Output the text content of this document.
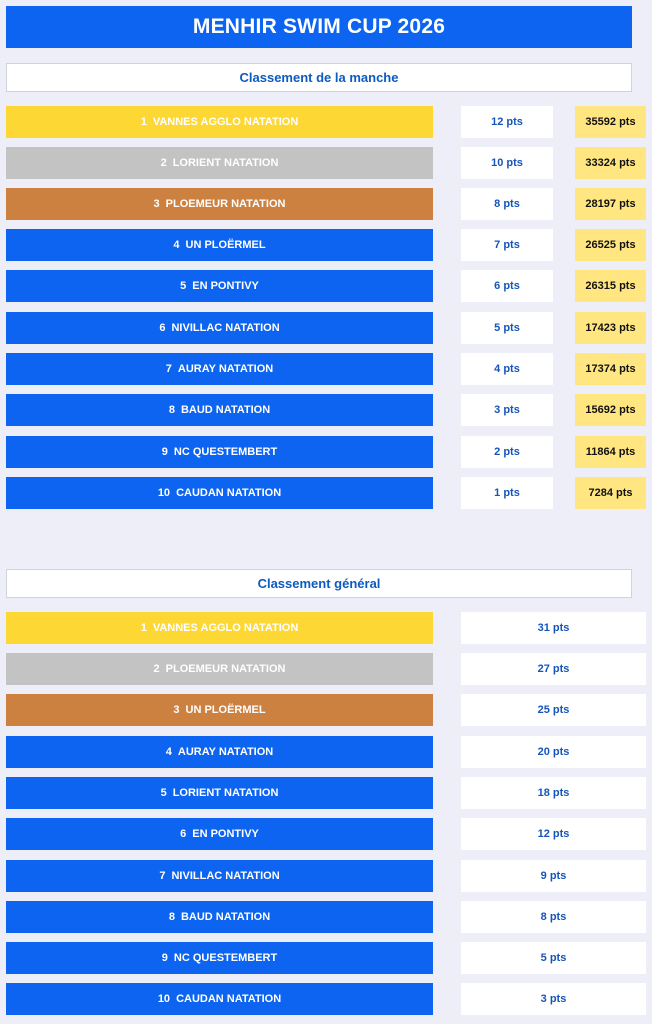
MENHIR SWIM CUP 2026
Classement de la manche
1 VANNES AGGLO NATATION	12 pts	35592 pts
2 LORIENT NATATION	10 pts	33324 pts
3 PLOEMEUR NATATION	8 pts	28197 pts
4 UN PLOËRMEL	7 pts	26525 pts
5 EN PONTIVY	6 pts	26315 pts
6 NIVILLAC NATATION	5 pts	17423 pts
7 AURAY NATATION	4 pts	17374 pts
8 BAUD NATATION	3 pts	15692 pts
9 NC QUESTEMBERT	2 pts	11864 pts
10 CAUDAN NATATION	1 pts	7284 pts
Classement général
1 VANNES AGGLO NATATION	31 pts
2 PLOEMEUR NATATION	27 pts
3 UN PLOËRMEL	25 pts
4 AURAY NATATION	20 pts
5 LORIENT NATATION	18 pts
6 EN PONTIVY	12 pts
7 NIVILLAC NATATION	9 pts
8 BAUD NATATION	8 pts
9 NC QUESTEMBERT	5 pts
10 CAUDAN NATATION	3 pts
